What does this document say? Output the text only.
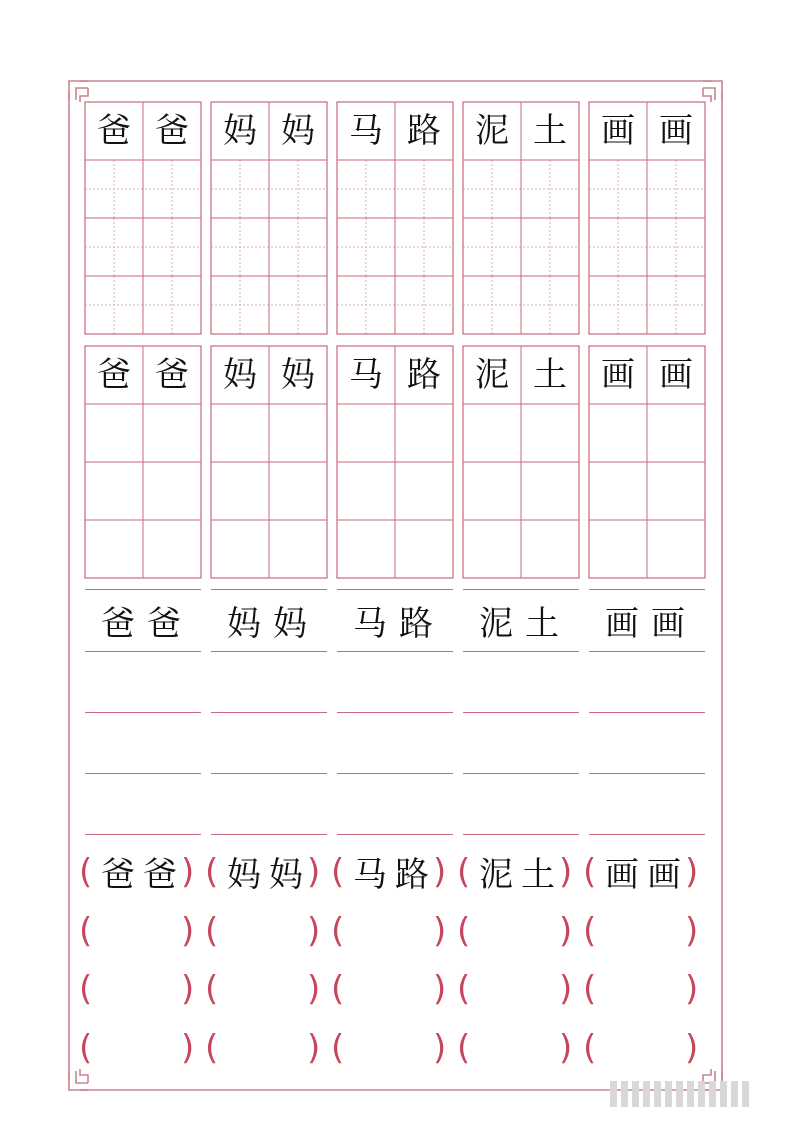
爸 爸	妈 妈	马 路	泥 土	画 画
爸 爸	妈 妈	马 路	泥 土	画 画
爸 爸 妈 妈 马 路 泥 土 画 画
(	)
爸 爸 (	)
妈 妈 (	)
马 路 (	)
泥 土 (	)
画 画
(	) (	) (	) (	) (	)
(	) (	) (	) (	) (	)
(	) (	) (	) (	) (	)
